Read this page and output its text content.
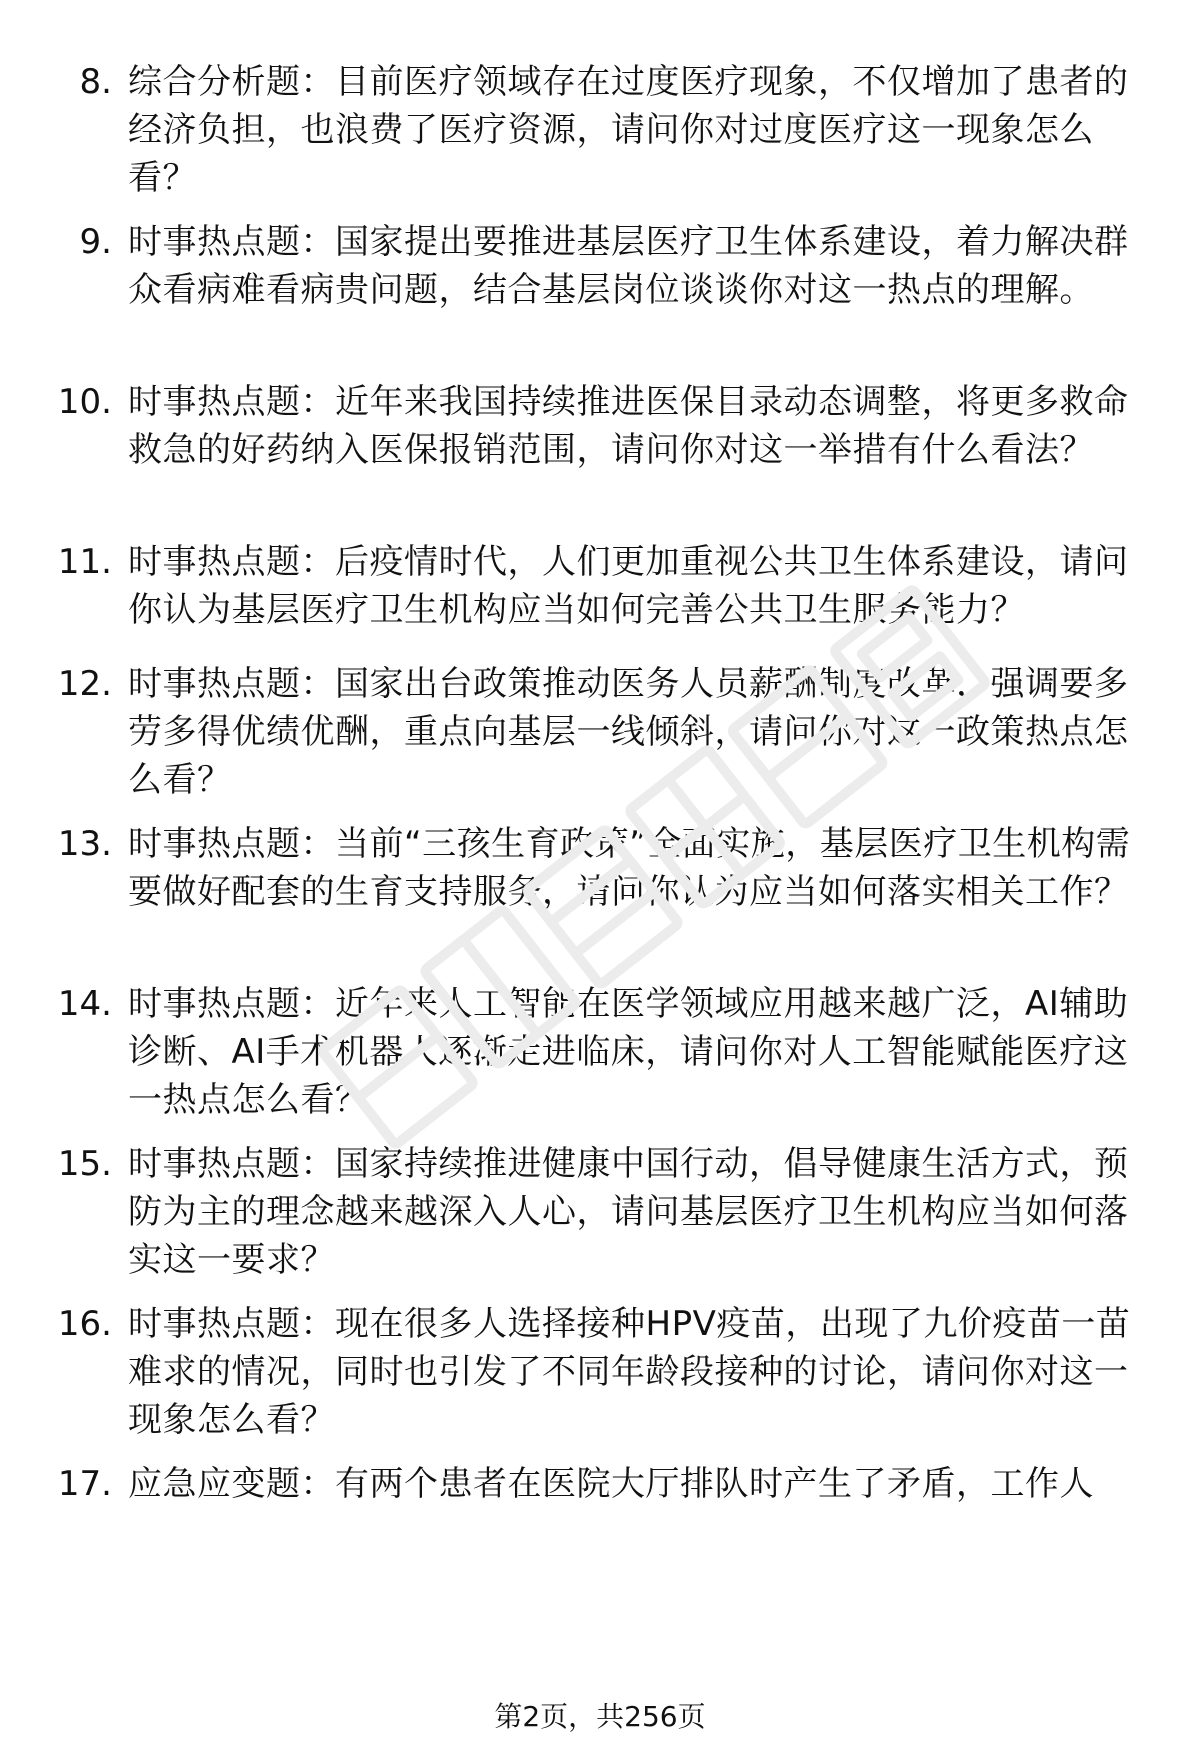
8. 综合分析题：目前医疗领域存在过度医疗现象，不仅增加了患者的经济负担，也浪费了医疗资源，请问你对过度医疗这一现象怎么看？
9. 时事热点题：国家提出要推进基层医疗卫生体系建设，着力解决群众看病难看病贵问题，结合基层岗位谈谈你对这一热点的理解。
10. 时事热点题：近年来我国持续推进医保目录动态调整，将更多救命救急的好药纳入医保报销范围，请问你对这一举措有什么看法？
11. 时事热点题：后疫情时代，人们更加重视公共卫生体系建设，请问你认为基层医疗卫生机构应当如何完善公共卫生服务能力？
12. 时事热点题：国家出台政策推动医务人员薪酬制度改革，强调要多劳多得优绩优酬，重点向基层一线倾斜，请问你对这一政策热点怎么看？
13. 时事热点题：当前“三孩生育政策”全面实施，基层医疗卫生机构需要做好配套的生育支持服务，请问你认为应当如何落实相关工作？
14. 时事热点题：近年来人工智能在医学领域应用越来越广泛，AI辅助诊断、AI手术机器人逐渐走进临床，请问你对人工智能赋能医疗这一热点怎么看？
15. 时事热点题：国家持续推进健康中国行动，倡导健康生活方式，预防为主的理念越来越深入人心，请问基层医疗卫生机构应当如何落实这一要求？
16. 时事热点题：现在很多人选择接种HPV疫苗，出现了九价疫苗一苗难求的情况，同时也引发了不同年龄段接种的讨论，请问你对这一现象怎么看？
17. 应急应变题：有两个患者在医院大厅排队时产生了矛盾，工作人
第2页，共256页
